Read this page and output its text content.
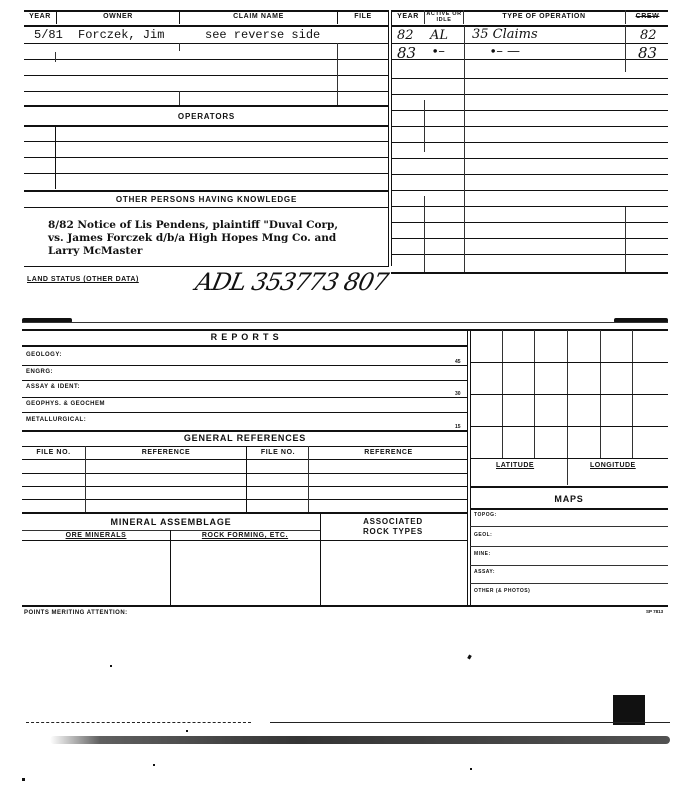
YEAR	OWNER	CLAIM NAME	FILE
5/81 Forczek, Jim	see reverse side
OPERATORS
OTHER PERSONS HAVING KNOWLEDGE
8/82 Notice of Lis Pendens, plaintiff "Duval Corp,
vs. James Forczek d/b/a High Hopes Mng Co. and
Larry McMaster
YEAR	ACTIVE OR IDLE	TYPE OF OPERATION	CREW
82 AL 35 Claims	82
83 ∙–	∙– —	83
LAND STATUS (OTHER DATA) ADL 353773 807
R E P O R T S
GEOLOGY:
45
ENGRG:
ASSAY & IDENT:
30
GEOPHYS. & GEOCHEM
METALLURGICAL:
15
GENERAL REFERENCES
FILE NO.	REFERENCE	FILE NO.	REFERENCE
LATITUDE	LONGITUDE
MAPS
TOPOG:
GEOL:
MINE:
ASSAY:
OTHER (& PHOTOS)
MINERAL ASSEMBLAGE
ORE MINERALS	ROCK FORMING, ETC.
ASSOCIATED
ROCK TYPES
POINTS MERITING ATTENTION:	SP 7813
